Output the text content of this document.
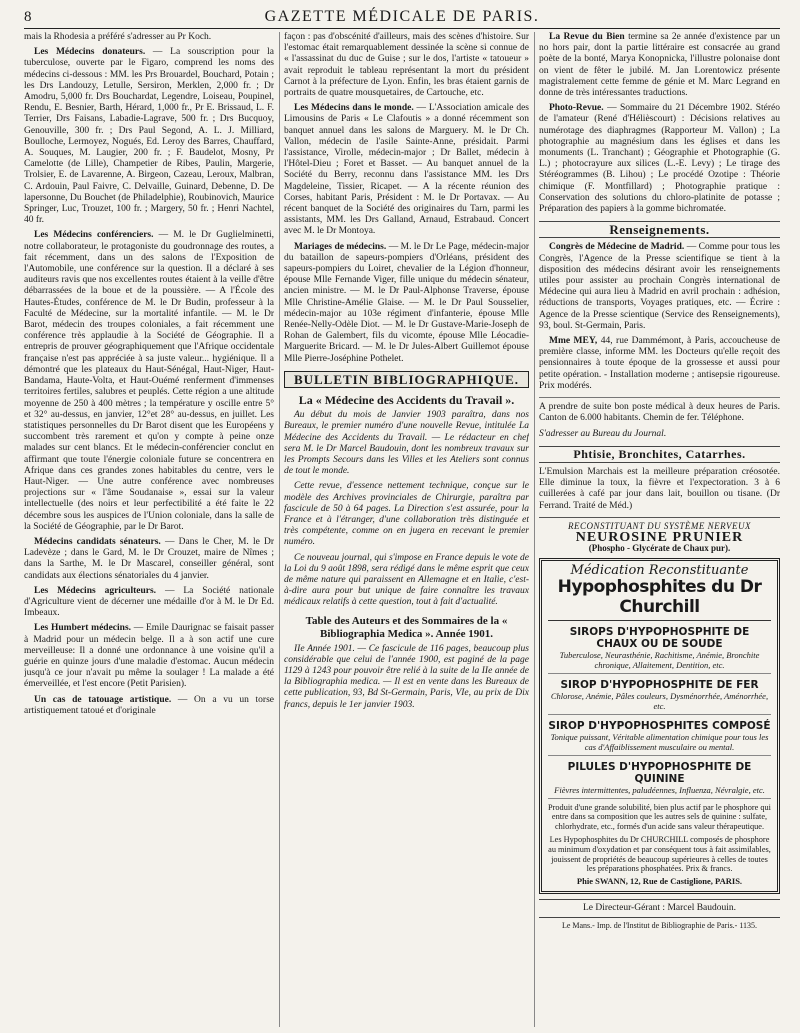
8	GAZETTE MÉDICALE DE PARIS.

mais la Rhodesia a préféré s'adresser au Pr Koch.

Les Médecins donateurs. — La souscription pour la tuberculose, ouverte par le Figaro, comprend les noms des médecins ci-dessous : MM. les Prs Brouardel, Bouchard, Potain ; les Drs Landouzy, Letulle, Sersiron, Merklen, 2,000 fr. ; Dr Amodru, 5,000 fr. Drs Bouchardat, Legendre, Loiseau, Poupinel, Rendu, E. Besnier, Barth, Hérard, 1,000 fr., Pr E. Brissaud, L. F. Terrier, Drs Faisans, Labadie-Lagrave, 500 fr. ; Drs Bucquoy, Genouville, 300 fr. ; Drs Paul Segond, A. L. J. Milliard, Boulloche, Lermoyez, Nogués, Ed. Leroy des Barres, Chauffard, A. Souques, M. Laugier, 200 fr. ; F. Baudelot, Mosny, Pr Camelotte (de Lille), Champetier de Ribes, Paulin, Margerie, Trolsier, E. de Lavarenne, A. Birgeon, Cazeau, Leroux, Malbran, C. Ardouin, Paul Faivre, C. Delvaille, Guinard, Debenne, D. De lapersonne, Du Bouchet (de Philadelphie), Roubinovich, Maurice Springer, Luc, Trouzet, 100 fr. ; Margery, 50 fr. ; Henri Nachtel, 40 fr.

Les Médecins conférenciers. — M. le Dr Guglielminetti, notre collaborateur, le protagoniste du goudronnage des routes, a fait récemment, dans un des salons de l'Exposition de l'Automobile, une conférence sur la question. Il a déclaré à ses auditeurs ravis que nos excellentes routes étaient à la veille d'être débarrassées de la boue et de la poussière. — A l'École des Hautes-Études, conférence de M. le Dr Budin, professeur à la Faculté de Médecine, sur la mortalité infantile. — M. le Dr Barot, médecin des troupes coloniales, a fait récemment une conférence très applaudie à la Société de Géographie. Il a entrepris de prouver géographiquement que l'Afrique occidentale française n'est pas appréciée à sa juste valeur... hygiénique. Il a démontré que les plateaux du Haut-Sénégal, Haut-Niger, Haut-Bandama, Haute-Volta, et Haut-Ouémé renferment d'immenses territoires fertiles, salubres et peuplés. Cette région a une altitude moyenne de 250 à 400 mètres ; la température y oscille entre 5° et 32° au-dessus, en janvier, 12°et 28° au-dessus, en juillet. Les statistiques personnelles du Dr Barot disent que les Européens y succombent très rarement et qu'on y compte à peine onze malades sur cent blancs. Et le médecin-conférencier conclut en affirmant que toute l'énergie coloniale future se concentrera en Afrique dans ces grandes zones habitables du centre, vers le Haut-Niger. — Une autre conférence avec nombreuses projections sur « l'âme Soudanaise », essai sur la valeur intellectuelle (des noirs et leur perfectibilité a été faite le 22 décembre sous les auspices de l'Union coloniale, dans la salle de la Société de Géographie, par le Dr Barot.

Médecins candidats sénateurs. — Dans le Cher, M. le Dr Ladevèze ; dans le Gard, M. le Dr Crouzet, maire de Nîmes ; dans la Sarthe, M. le Dr Mascarel, conseiller général, sont candidats aux élections sénatoriales du 4 janvier.

Les Médecins agriculteurs. — La Société nationale d'Agriculture vient de décerner une médaille d'or à M. le Dr Ed. Imbeaux.

Les Humbert médecins. — Emile Daurignac se faisait passer à Madrid pour un médecin belge. Il a à son actif une cure merveilleuse: Il a donné une ordonnance à une voisine qu'il a guérie en quinze jours d'une maladie d'estomac. Aucun médecin jusqu'à ce jour n'avait pu même la soulager ! La malade a été émerveillée, et l'est encore (Petit Parisien).

Un cas de tatouage artistique. — On a vu un torse artistiquement tatoué et d'originale

façon : pas d'obscénité d'ailleurs, mais des scènes d'histoire. Sur l'estomac était remarquablement dessinée la scène si connue de « l'assassinat du duc de Guise ; sur le dos, l'artiste « tatoueur » avait reproduit le tableau représentant la mort du président Carnot à la préfecture de Lyon. Enfin, les bras étaient garnis de portraits de quatre mousquetaires, de Cartouche, etc.

Les Médecins dans le monde. — L'Association amicale des Limousins de Paris « Le Clafoutis » a donné récemment son banquet annuel dans les salons de Marguery. M. le Dr Ch. Vallon, médecin de l'asile Sainte-Anne, présidait. Parmi l'assistance, Virolle, médecin-major ; Dr Ballet, médecin à l'Hôtel-Dieu ; Foret et Basset. — Au banquet annuel de la Société du Berry, reconnu dans l'assistance MM. les Drs Magdeleine, Tissier, Ricapet. — A la récente réunion des Corses, habitant Paris, Président : M. le Dr Portavax. — Au récent banquet de la Société des originaires du Tarn, parmi les assistants, MM. les Drs Galland, Arnaud, Estrabaud. Concert avec M. le Dr Montoya.

Mariages de médecins. — M. le Dr Le Page, médecin-major du bataillon de sapeurs-pompiers d'Orléans, président des sapeurs-pompiers du Loiret, chevalier de la Légion d'honneur, épouse Mlle Fernande Viger, fille unique du médecin sénateur, ancien ministre. — M. le Dr Paul-Alphonse Traverse, épouse Mlle Christine-Amélie Glaise. — M. le Dr Paul Sousselier, médecin-major au 103e régiment d'infanterie, épouse Mlle Renée-Nelly-Odèle Diot. — M. le Dr Gustave-Marie-Joseph de Rohan de Galembert, fils du vicomte, épouse Mlle Léocadie-Marguerite Bricard. — M. le Dr Jules-Albert Guillemot épouse Mlle Pierre-Joséphine Pothelet.

BULLETIN BIBLIOGRAPHIQUE.
La « Médecine des Accidents du Travail ».

Au début du mois de Janvier 1903 paraîtra, dans nos Bureaux, le premier numéro d'une nouvelle Revue, intitulée La Médecine des Accidents du Travail. — Le rédacteur en chef sera M. le Dr Marcel Baudouin, dont les nombreux travaux sur les Prompts Secours dans les Villes et les Ateliers sont connus de tout le monde.

Cette revue, d'essence nettement technique, conçue sur le modèle des Archives provinciales de Chirurgie, paraîtra par fascicule de 50 à 64 pages. La Direction s'est assurée, pour la France et à l'étranger, d'une collaboration très distinguée et très compétente, comme on en jugera en recevant le premier numéro.

Ce nouveau journal, qui s'impose en France depuis le vote de la Loi du 9 août 1898, sera rédigé dans le même esprit que ceux de même nature qui paraissent en Allemagne et en Italie, c'est-à-dire aura pour but unique de faire connaître les travaux médicaux relatifs à cette question, tout à fait d'actualité.

Table des Auteurs et des Sommaires de la « Bibliographia Medica ». Année 1901.

IIe Année 1901. — Ce fascicule de 116 pages, beaucoup plus considérable que celui de l'année 1900, est paginé de la page 1129 à 1243 pour pouvoir être relié à la suite de la IIe année de la Bibliographia medica. — Il est en vente dans les Bureaux de cette publication, 93, Bd St-Germain, Paris, VIe, au prix de Dix francs, depuis le 1er janvier 1903.

La Revue du Bien termine sa 2e année d'existence par un no hors pair, dont la partie littéraire est consacrée au grand poète de la bonté, Marya Konopnicka, l'illustre polonaise dont on vient de fêter le jubilé. M. Jan Lorentowicz présente magistralement cette femme de génie et M. Marc Legrand en donne de très intéressantes traductions.

Photo-Revue. — Sommaire du 21 Décembre 1902. Stéréo de l'amateur (René d'Hélièscourt) : Décisions relatives au numérotage des diaphragmes (Rapporteur M. Vallon) ; La photographie au magnésium dans les églises et dans les monuments (L. Tranchant) ; Géographie et Photographie (G. L.) ; photocrayure aux silices (L.-E. Levy) ; Le tirage des Stéréogrammes (B. Lihou) ; Le procédé Ozotipe : Théorie chimique (F. Montfillard) ; Photographie pratique : Conservation des solutions du chloro-platinite de potasse ; Préparation des papiers à la gomme bichromatée.

Renseignements.

Congrès de Médecine de Madrid. — Comme pour tous les Congrès, l'Agence de la Presse scientifique se tient à la disposition des médecins désirant avoir les renseignements utiles pour assister au prochain Congrès international de Médecine qui aura lieu à Madrid en avril prochain : adhésion, réductions de transports, Voyages pratiques, etc. — Écrire : Agence de la Presse scientique (Service des Renseignements), 93, boul. St-Germain, Paris.

Mme MEY, 44, rue Dammémont, à Paris, accoucheuse de première classe, informe MM. les Docteurs qu'elle reçoit des pensionnaires à toute époque de la grossesse et aussi pour petite opération. - Installation moderne ; antisepsie rigoureuse. Prix modérés.

A prendre de suite bon poste médical à deux heures de Paris. Canton de 6.000 habitants. Chemin de fer. Téléphone.

S'adresser au Bureau du Journal.

Phtisie, Bronchites, Catarrhes.

L'Emulsion Marchais est la meilleure préparation créosotée. Elle diminue la toux, la fièvre et l'expectoration. 3 à 6 cuillerées à café par jour dans lait, bouillon ou tisane. (Dr Ferrand. Traité de Méd.)

RECONSTITUANT DU SYSTÈME NERVEUX
NEUROSINE PRUNIER
(Phospho - Glycérate de Chaux pur).
Médication Reconstituante
Hypophosphites du Dr Churchill
SIROPS D'HYPOPHOSPHITE DE CHAUX OU DE SOUDE
Tuberculose, Neurasthénie, Rachitisme, Anémie, Bronchite chronique, Allaitement, Dentition, etc.
SIROP D'HYPOPHOSPHITE DE FER
Chlorose, Anémie, Pâles couleurs, Dysménorrhée, Aménorrhée, etc.
SIROP D'HYPOPHOSPHITES COMPOSÉ
Tonique puissant, Véritable alimentation chimique pour tous les cas d'Affaiblissement musculaire ou mental.
PILULES D'HYPOPHOSPHITE DE QUININE
Fièvres intermittentes, paludéennes, Influenza, Névralgie, etc.
Produit d'une grande solubilité, bien plus actif par le phosphore qui entre dans sa composition que les autres sels de quinine : sulfate, chlorhydrate, etc., formés d'un acide sans valeur thérapeutique.
Les Hypophosphites du Dr CHURCHILL composés de phosphore au minimum d'oxydation et par conséquent tous à fait assimilables, jouissent de propriétés de beaucoup supérieures à celles de toutes les préparations phosphatées. Prix & francs.
Phie SWANN, 12, Rue de Castiglione, PARIS.
Le Directeur-Gérant : Marcel Baudouin.
Le Mans.- Imp. de l'Institut de Bibliographie de Paris.- 1135.
